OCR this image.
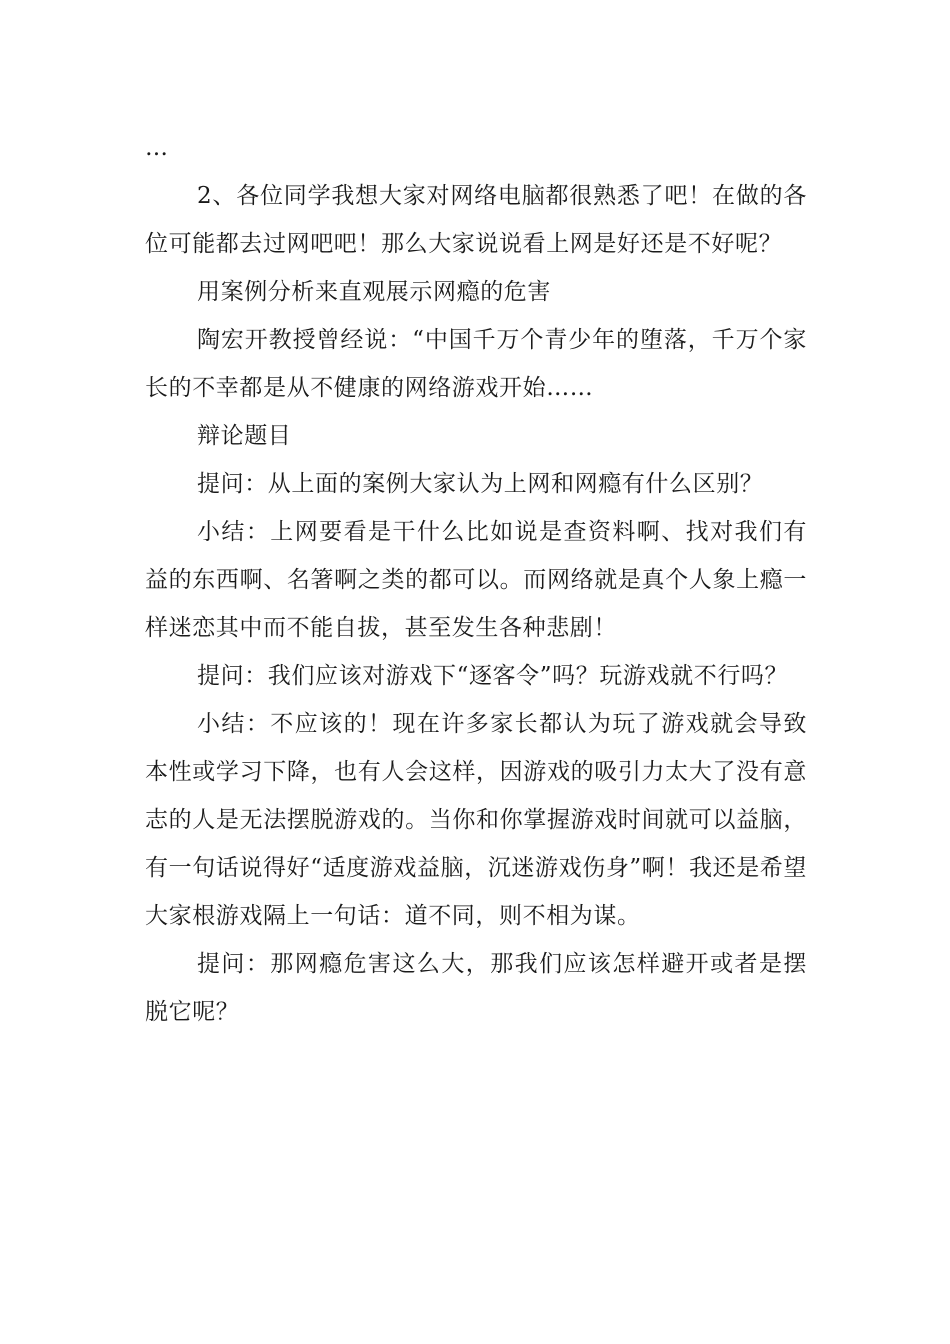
…

2、各位同学我想大家对网络电脑都很熟悉了吧！在做的各位可能都去过网吧吧！那么大家说说看上网是好还是不好呢？

用案例分析来直观展示网瘾的危害

陶宏开教授曾经说：“中国千万个青少年的堕落，千万个家长的不幸都是从不健康的网络游戏开始……

辩论题目

提问：从上面的案例大家认为上网和网瘾有什么区别？

小结：上网要看是干什么比如说是查资料啊、找对我们有益的东西啊、名箸啊之类的都可以。而网络就是真个人象上瘾一样迷恋其中而不能自拔，甚至发生各种悲剧！

提问：我们应该对游戏下“逐客令”吗？玩游戏就不行吗？

小结：不应该的！现在许多家长都认为玩了游戏就会导致本性或学习下降，也有人会这样，因游戏的吸引力太大了没有意志的人是无法摆脱游戏的。当你和你掌握游戏时间就可以益脑，有一句话说得好“适度游戏益脑，沉迷游戏伤身”啊！我还是希望大家根游戏隔上一句话：道不同，则不相为谋。

提问：那网瘾危害这么大，那我们应该怎样避开或者是摆脱它呢？
